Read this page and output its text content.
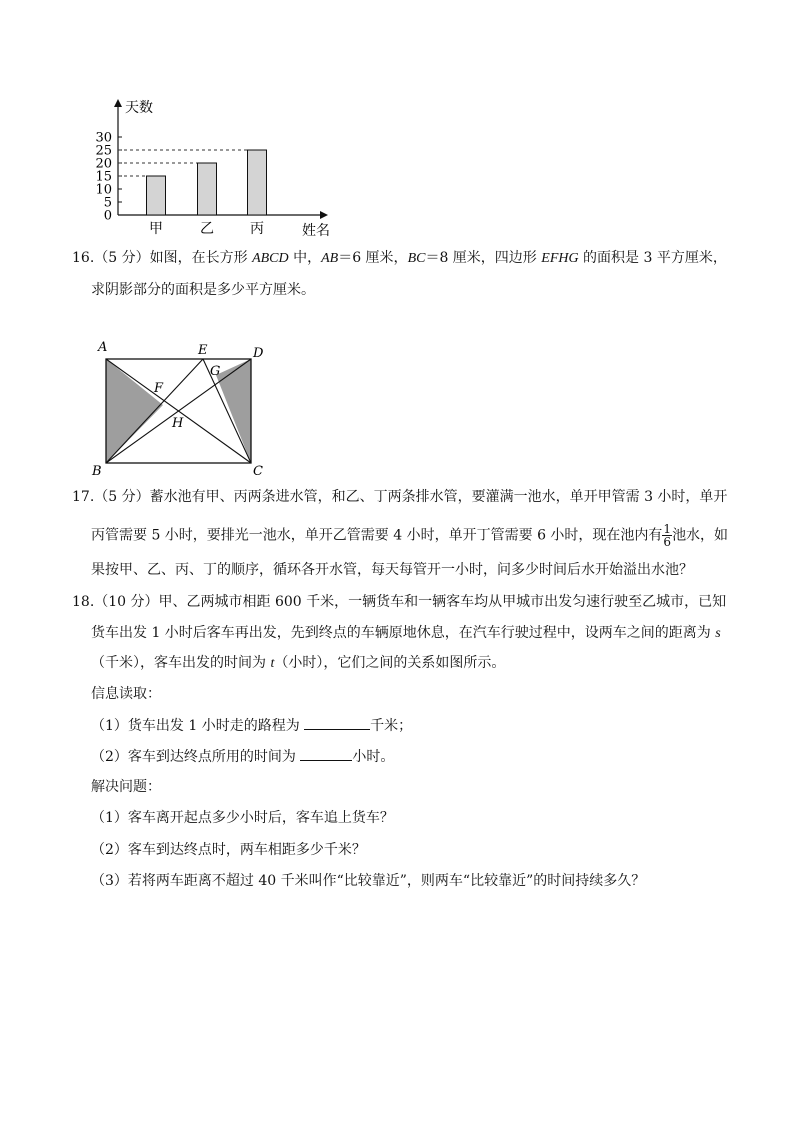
天数
姓名
0
5
10
15
20
25
30
甲	乙	丙
16.（5 分）如图，在长方形 ABCD 中，AB＝6 厘米，BC＝8 厘米，四边形 EFHG 的面积是 3 平方厘米，
求阴影部分的面积是多少平方厘米。
A
B	C
D
E
F
G
H
17.（5 分）蓄水池有甲、丙两条进水管，和乙、丁两条排水管，要灌满一池水，单开甲管需 3 小时，单开
丙管需要 5 小时，要排光一池水，单开乙管需要 4 小时，单开丁管需要 6 小时，现在池内有 $\frac{1}{6}$ 池水，如
果按甲、乙、丙、丁的顺序，循环各开水管，每天每管开一小时，问多少时间后水开始溢出水池？
18.（10 分）甲、乙两城市相距 600 千米，一辆货车和一辆客车均从甲城市出发匀速行驶至乙城市，已知
货车出发 1 小时后客车再出发，先到终点的车辆原地休息，在汽车行驶过程中，设两车之间的距离为 s
（千米），客车出发的时间为 t（小时），它们之间的关系如图所示。
信息读取：
（1）货车出发 1 小时走的路程为	千米；
（2）客车到达终点所用的时间为	小时。
解决问题：
（1）客车离开起点多少小时后，客车追上货车？
（2）客车到达终点时，两车相距多少千米？
（3）若将两车距离不超过 40 千米叫作“比较靠近”，则两车“比较靠近”的时间持续多久？
